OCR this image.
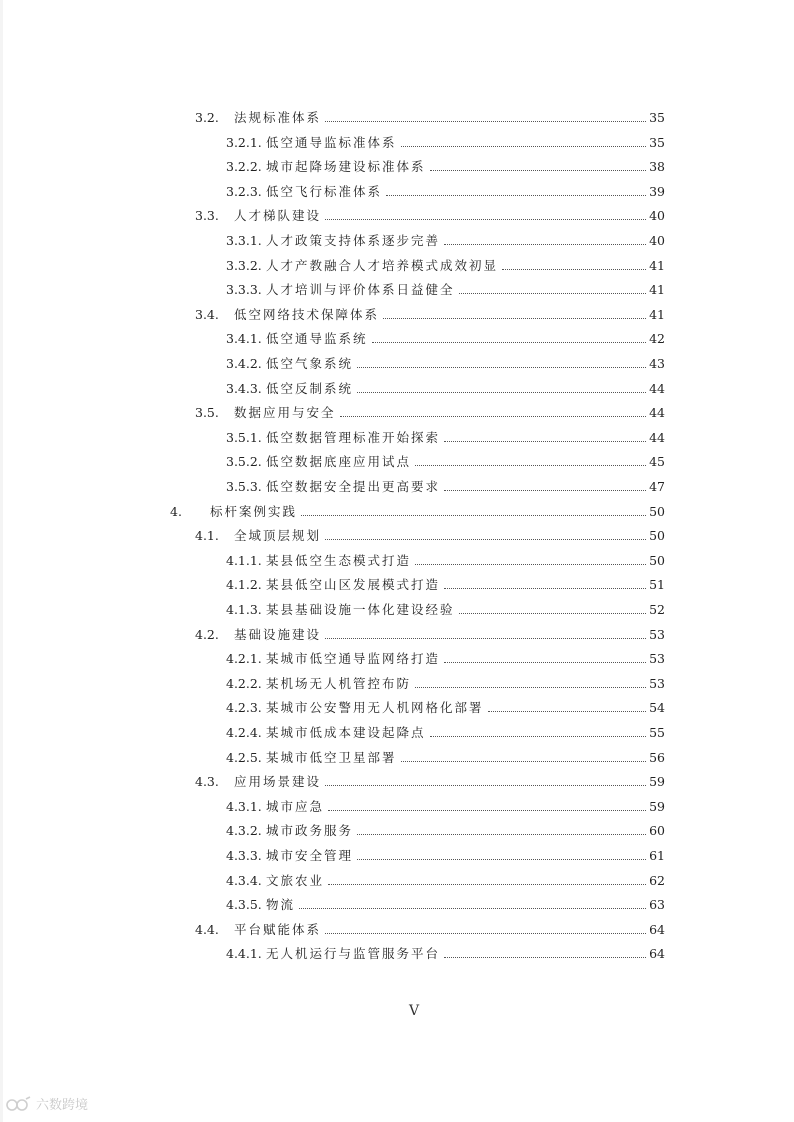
3.2.	法规标准体系	35
3.2.1. 低空通导监标准体系	35
3.2.2. 城市起降场建设标准体系	38
3.2.3. 低空飞行标准体系	39
3.3.	人才梯队建设	40
3.3.1. 人才政策支持体系逐步完善	40
3.3.2. 人才产教融合人才培养模式成效初显	41
3.3.3. 人才培训与评价体系日益健全	41
3.4.	低空网络技术保障体系	41
3.4.1. 低空通导监系统	42
3.4.2. 低空气象系统	43
3.4.3. 低空反制系统	44
3.5.	数据应用与安全	44
3.5.1. 低空数据管理标准开始探索	44
3.5.2. 低空数据底座应用试点	45
3.5.3. 低空数据安全提出更高要求	47
4.	标杆案例实践	50
4.1.	全域顶层规划	50
4.1.1. 某县低空生态模式打造	50
4.1.2. 某县低空山区发展模式打造	51
4.1.3. 某县基础设施一体化建设经验	52
4.2.	基础设施建设	53
4.2.1. 某城市低空通导监网络打造	53
4.2.2. 某机场无人机管控布防	53
4.2.3. 某城市公安警用无人机网格化部署	54
4.2.4. 某城市低成本建设起降点	55
4.2.5. 某城市低空卫星部署	56
4.3.	应用场景建设	59
4.3.1. 城市应急	59
4.3.2. 城市政务服务	60
4.3.3. 城市安全管理	61
4.3.4. 文旅农业	62
4.3.5. 物流	63
4.4.	平台赋能体系	64
4.4.1. 无人机运行与监管服务平台	64
V
六数跨境
